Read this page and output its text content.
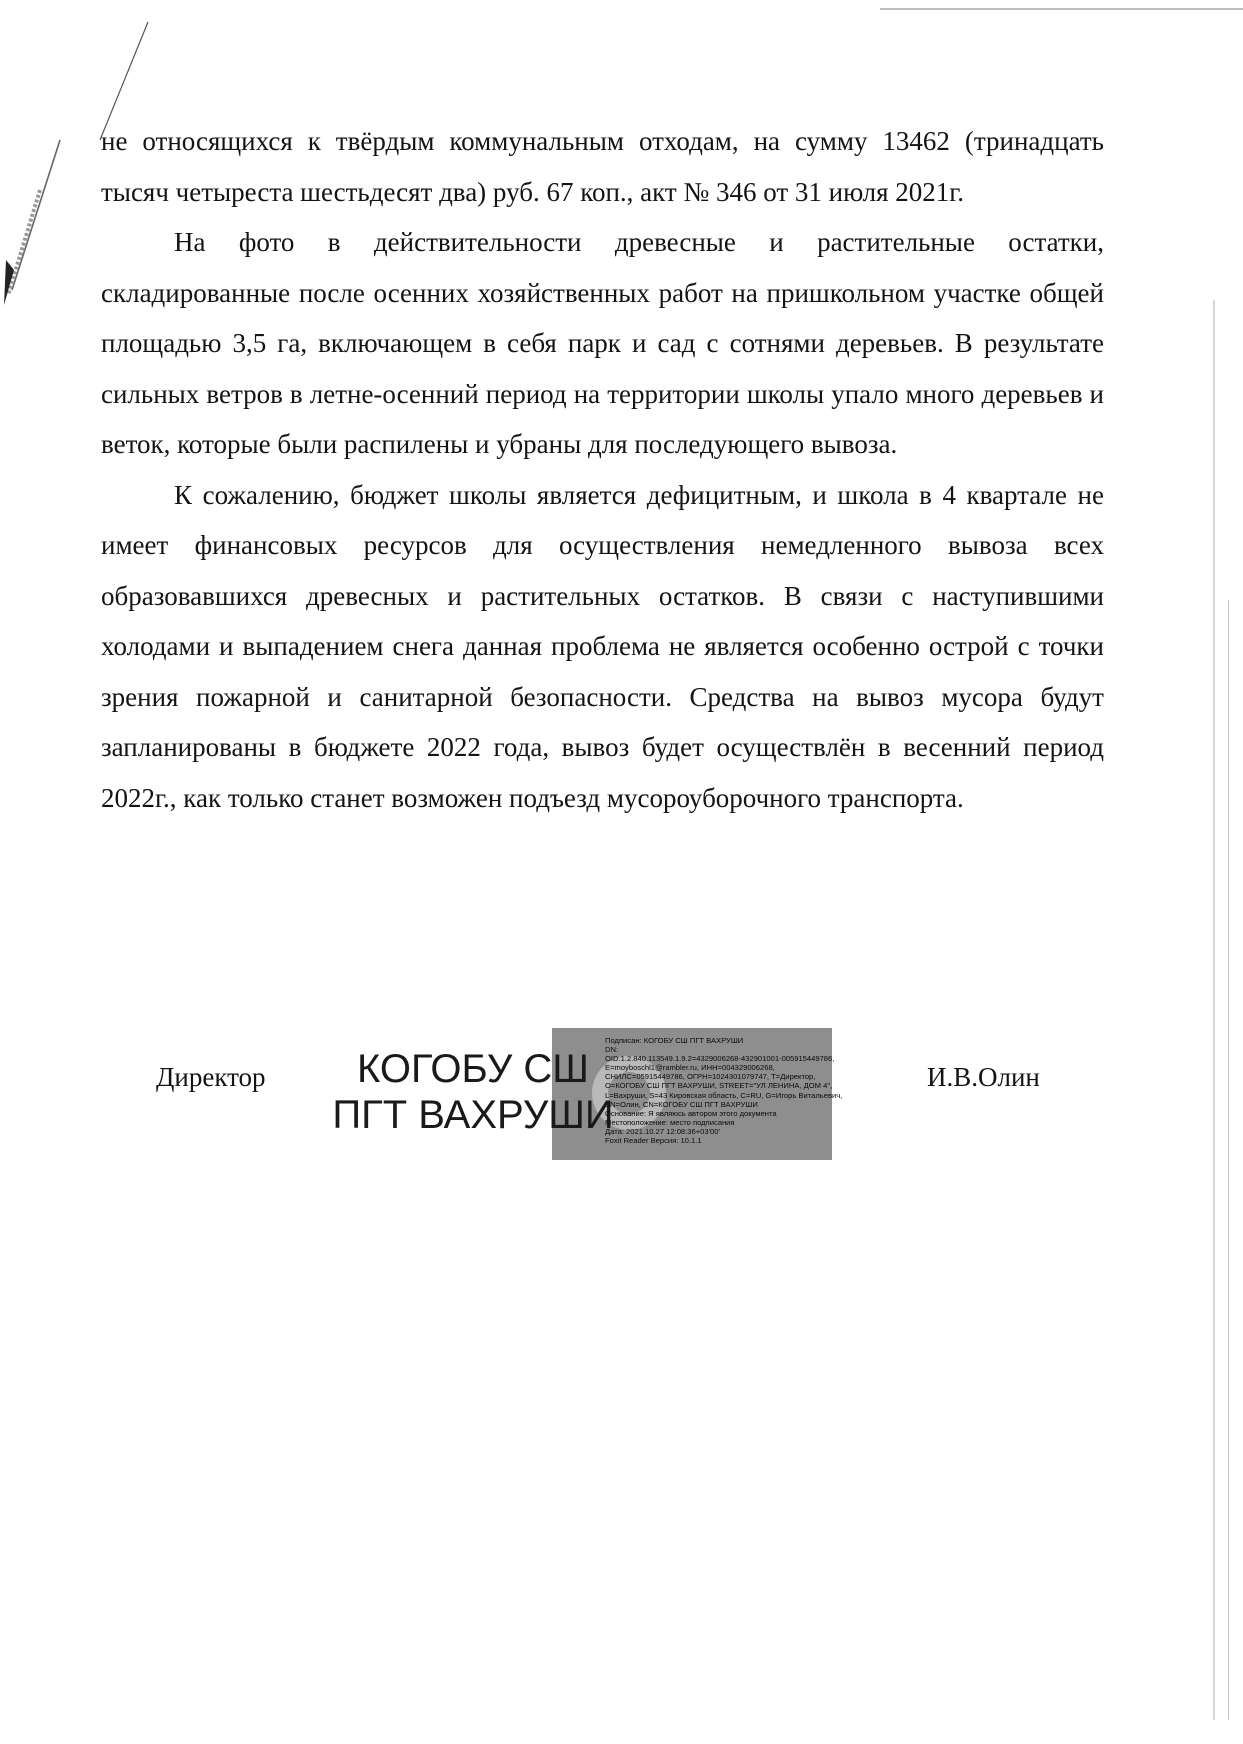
не относящихся к твёрдым коммунальным отходам, на сумму 13462 (тринадцать тысяч четыреста шестьдесят два) руб. 67 коп., акт № 346 от 31 июля 2021г.

На фото в действительности древесные и растительные остатки, складированные после осенних хозяйственных работ на пришкольном участке общей площадью 3,5 га, включающем в себя парк и сад с сотнями деревьев. В результате сильных ветров в летне-осенний период на территории школы упало много деревьев и веток, которые были распилены и убраны для последующего вывоза.

К сожалению, бюджет школы является дефицитным, и школа в 4 квартале не имеет финансовых ресурсов для осуществления немедленного вывоза всех образовавшихся древесных и растительных остатков. В связи с наступившими холодами и выпадением снега данная проблема не является особенно острой с точки зрения пожарной и санитарной безопасности. Средства на вывоз мусора будут запланированы в бюджете 2022 года, вывоз будет осуществлён в весенний период 2022г., как только станет возможен подъезд мусороуборочного транспорта.

Директор	КОГОБУ СШ
ПГТ ВАХРУШИ
Подписан: КОГОБУ СШ ПГТ ВАХРУШИ
DN:
OID.1.2.840.113549.1.9.2=4329006268-432901001-005915449786,
E=moyboschl1@rambler.ru, ИНН=004329006268,
СНИЛС=05915449786, ОГРН=1024301079747, T=Директор,
O=КОГОБУ СШ ПГТ ВАХРУШИ, STREET="УЛ ЛЕНИНА, ДОМ 4",
L=Вахруши, S=43 Кировская область, C=RU, G=Игорь Витальевич,
SN=Олин, CN=КОГОБУ СШ ПГТ ВАХРУШИ
Основание: Я являюсь автором этого документа
Местоположение: место подписания
Дата: 2021.10.27 12:08:36+03'00'
Foxit Reader Версия: 10.1.1
И.В.Олин
